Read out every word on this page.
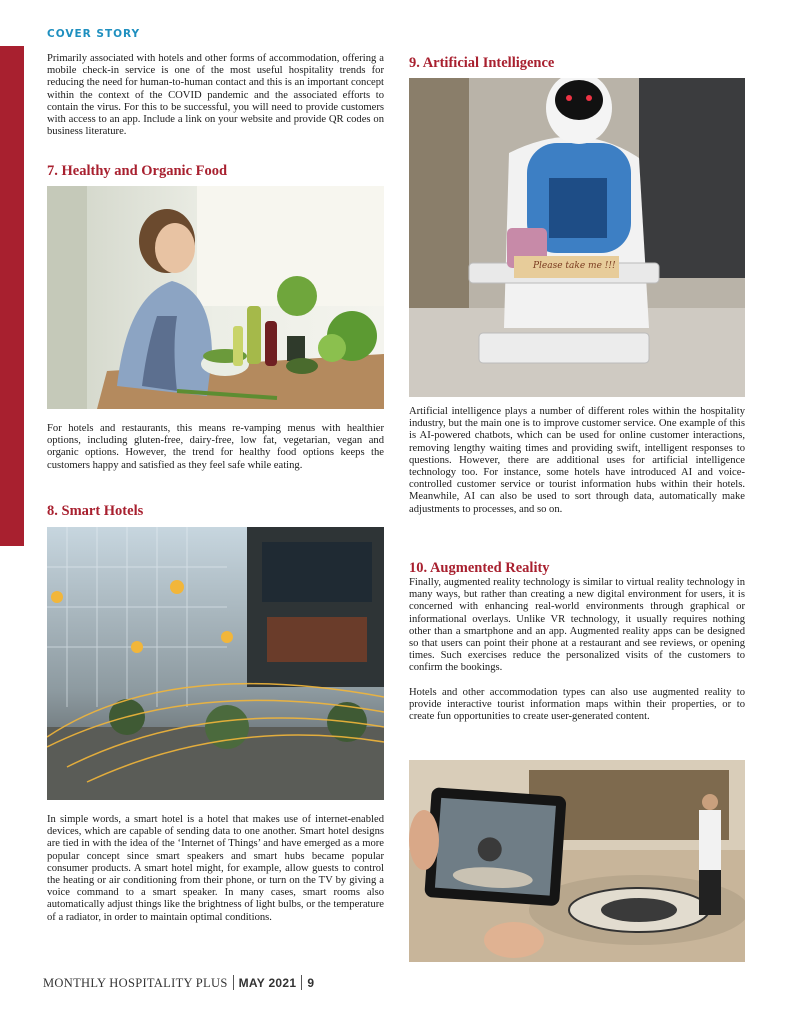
COVER STORY

Primarily associated with hotels and other forms of accommodation, offering a mobile check-in service is one of the most useful hospitality trends for reducing the need for human-to-human contact and this is an important concept within the context of the COVID pandemic and the associated efforts to contain the virus. For this to be successful, you will need to provide customers with access to an app. Include a link on your website and provide QR codes on business literature.

7. Healthy and Organic Food

For hotels and restaurants, this means re-vamping menus with healthier options, including gluten-free, dairy-free, low fat, vegetarian, vegan and organic options. However, the trend for healthy food options keeps the customers happy and satisfied as they feel safe while eating.

8. Smart Hotels

In simple words, a smart hotel is a hotel that makes use of internet-enabled devices, which are capable of sending data to one another. Smart hotel designs are tied in with the idea of the ‘Internet of Things’ and have emerged as a more popular concept since smart speakers and smart hubs became popular consumer products. A smart hotel might, for example, allow guests to control the heating or air conditioning from their phone, or turn on the TV by giving a voice command to a smart speaker. In many cases, smart rooms also automatically adjust things like the brightness of light bulbs, or the temperature of a radiator, in order to maintain optimal conditions.

9. Artificial Intelligence
Please take me !!!

Artificial intelligence plays a number of different roles within the hospitality industry, but the main one is to improve customer service. One example of this is AI-powered chatbots, which can be used for online customer interactions, removing lengthy waiting times and providing swift, intelligent responses to questions. However, there are additional uses for artificial intelligence technology too. For instance, some hotels have introduced AI and voice-controlled customer service or tourist information hubs within their hotels. Meanwhile, AI can also be used to sort through data, automatically make adjustments to processes, and so on.

10. Augmented Reality

Finally, augmented reality technology is similar to virtual reality technology in many ways, but rather than creating a new digital environment for users, it is concerned with enhancing real-world environments through graphical or informational overlays. Unlike VR technology, it usually requires nothing other than a smartphone and an app. Augmented reality apps can be designed so that users can point their phone at a restaurant and see reviews, or opening times. Such exercises reduce the personalized visits of the customers to confirm the bookings.

Hotels and other accommodation types can also use augmented reality to provide interactive tourist information maps within their properties, or to create fun opportunities to create user-generated content.

MONTHLY HOSPITALITY PLUS MAY 2021 9
